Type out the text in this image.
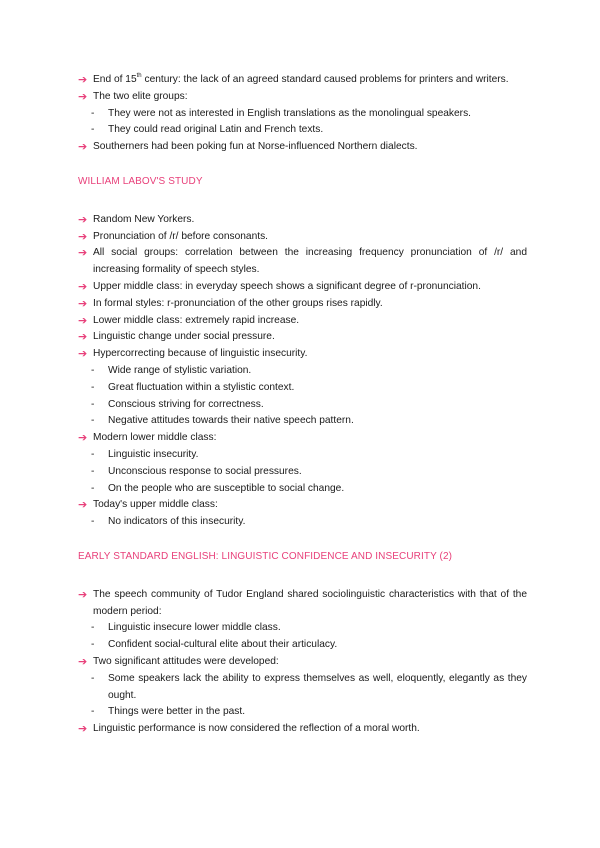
➔ End of 15th century: the lack of an agreed standard caused problems for printers and writers.
➔ The two elite groups:
- They were not as interested in English translations as the monolingual speakers.
- They could read original Latin and French texts.
➔ Southerners had been poking fun at Norse-influenced Northern dialects.
WILLIAM LABOV'S STUDY
➔ Random New Yorkers.
➔ Pronunciation of /r/ before consonants.
➔ All social groups: correlation between the increasing frequency pronunciation of /r/ and increasing formality of speech styles.
➔ Upper middle class: in everyday speech shows a significant degree of r-pronunciation.
➔ In formal styles: r-pronunciation of the other groups rises rapidly.
➔ Lower middle class: extremely rapid increase.
➔ Linguistic change under social pressure.
➔ Hypercorrecting because of linguistic insecurity.
- Wide range of stylistic variation.
- Great fluctuation within a stylistic context.
- Conscious striving for correctness.
- Negative attitudes towards their native speech pattern.
➔ Modern lower middle class:
- Linguistic insecurity.
- Unconscious response to social pressures.
- On the people who are susceptible to social change.
➔ Today's upper middle class:
- No indicators of this insecurity.
EARLY STANDARD ENGLISH: LINGUISTIC CONFIDENCE AND INSECURITY (2)
➔ The speech community of Tudor England shared sociolinguistic characteristics with that of the modern period:
- Linguistic insecure lower middle class.
- Confident social-cultural elite about their articulacy.
➔ Two significant attitudes were developed:
- Some speakers lack the ability to express themselves as well, eloquently, elegantly as they ought.
- Things were better in the past.
➔ Linguistic performance is now considered the reflection of a moral worth.
